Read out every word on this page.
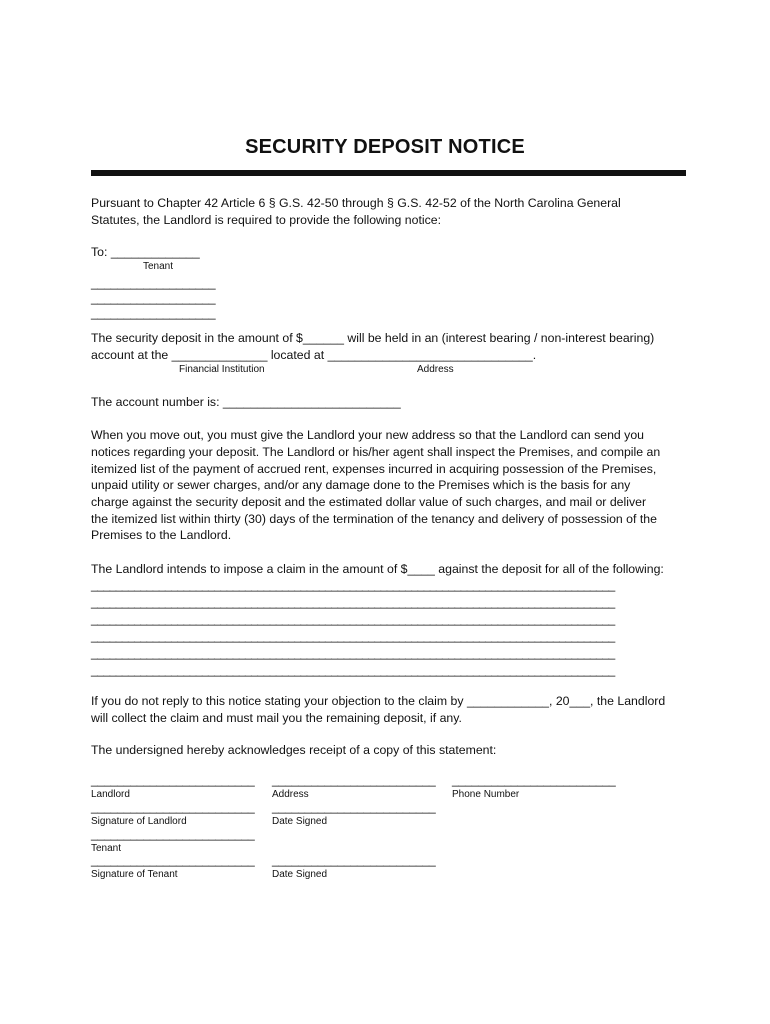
SECURITY DEPOSIT NOTICE
Pursuant to Chapter 42 Article 6 § G.S. 42-50 through § G.S. 42-52 of the North Carolina General
Statutes, the Landlord is required to provide the following notice:
To: _____________
Tenant
___________________
___________________
___________________
The security deposit in the amount of $______ will be held in an (interest bearing / non-interest bearing)
account at the ______________ located at ______________________________.
Financial Institution	Address
The account number is: __________________________
When you move out, you must give the Landlord your new address so that the Landlord can send you
notices regarding your deposit. The Landlord or his/her agent shall inspect the Premises, and compile an
itemized list of the payment of accrued rent, expenses incurred in acquiring possession of the Premises,
unpaid utility or sewer charges, and/or any damage done to the Premises which is the basis for any
charge against the security deposit and the estimated dollar value of such charges, and mail or deliver
the itemized list within thirty (30) days of the termination of the tenancy and delivery of possession of the
Premises to the Landlord.
The Landlord intends to impose a claim in the amount of $____ against the deposit for all of the following:
_____________________________________________________________________________________
_____________________________________________________________________________________
_____________________________________________________________________________________
_____________________________________________________________________________________
_____________________________________________________________________________________
_____________________________________________________________________________________
If you do not reply to this notice stating your objection to the claim by ____________, 20___, the Landlord
will collect the claim and must mail you the remaining deposit, if any.
The undersigned hereby acknowledges receipt of a copy of this statement:
_________________________ _________________________ _________________________
Landlord	Address	Phone Number
_________________________ _________________________
Signature of Landlord	Date Signed
_________________________
Tenant
_________________________ _________________________
Signature of Tenant	Date Signed
